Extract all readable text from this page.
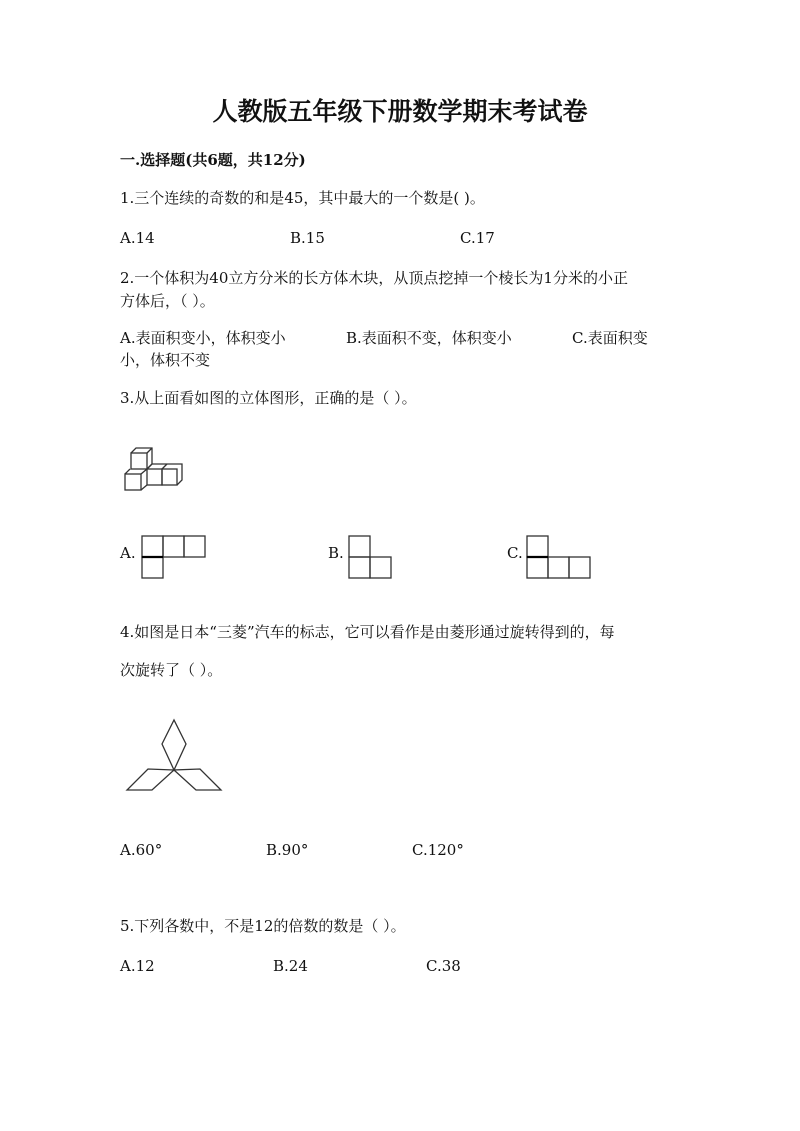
人教版五年级下册数学期末考试卷
一.选择题(共6题，共12分)
1.三个连续的奇数的和是45，其中最大的一个数是( )。
A.14	B.15	C.17
2.一个体积为40立方分米的长方体木块，从顶点挖掉一个棱长为1分米的小正
方体后，（ ）。
A.表面积变小，体积变小	B.表面积不变，体积变小	C.表面积变
小，体积不变
3.从上面看如图的立体图形，正确的是（ ）。
A.	B.	C.
4.如图是日本“三菱”汽车的标志，它可以看作是由菱形通过旋转得到的，每
次旋转了（ ）。
A.60°	B.90°	C.120°
5.下列各数中，不是12的倍数的数是（ ）。
A.12	B.24	C.38
